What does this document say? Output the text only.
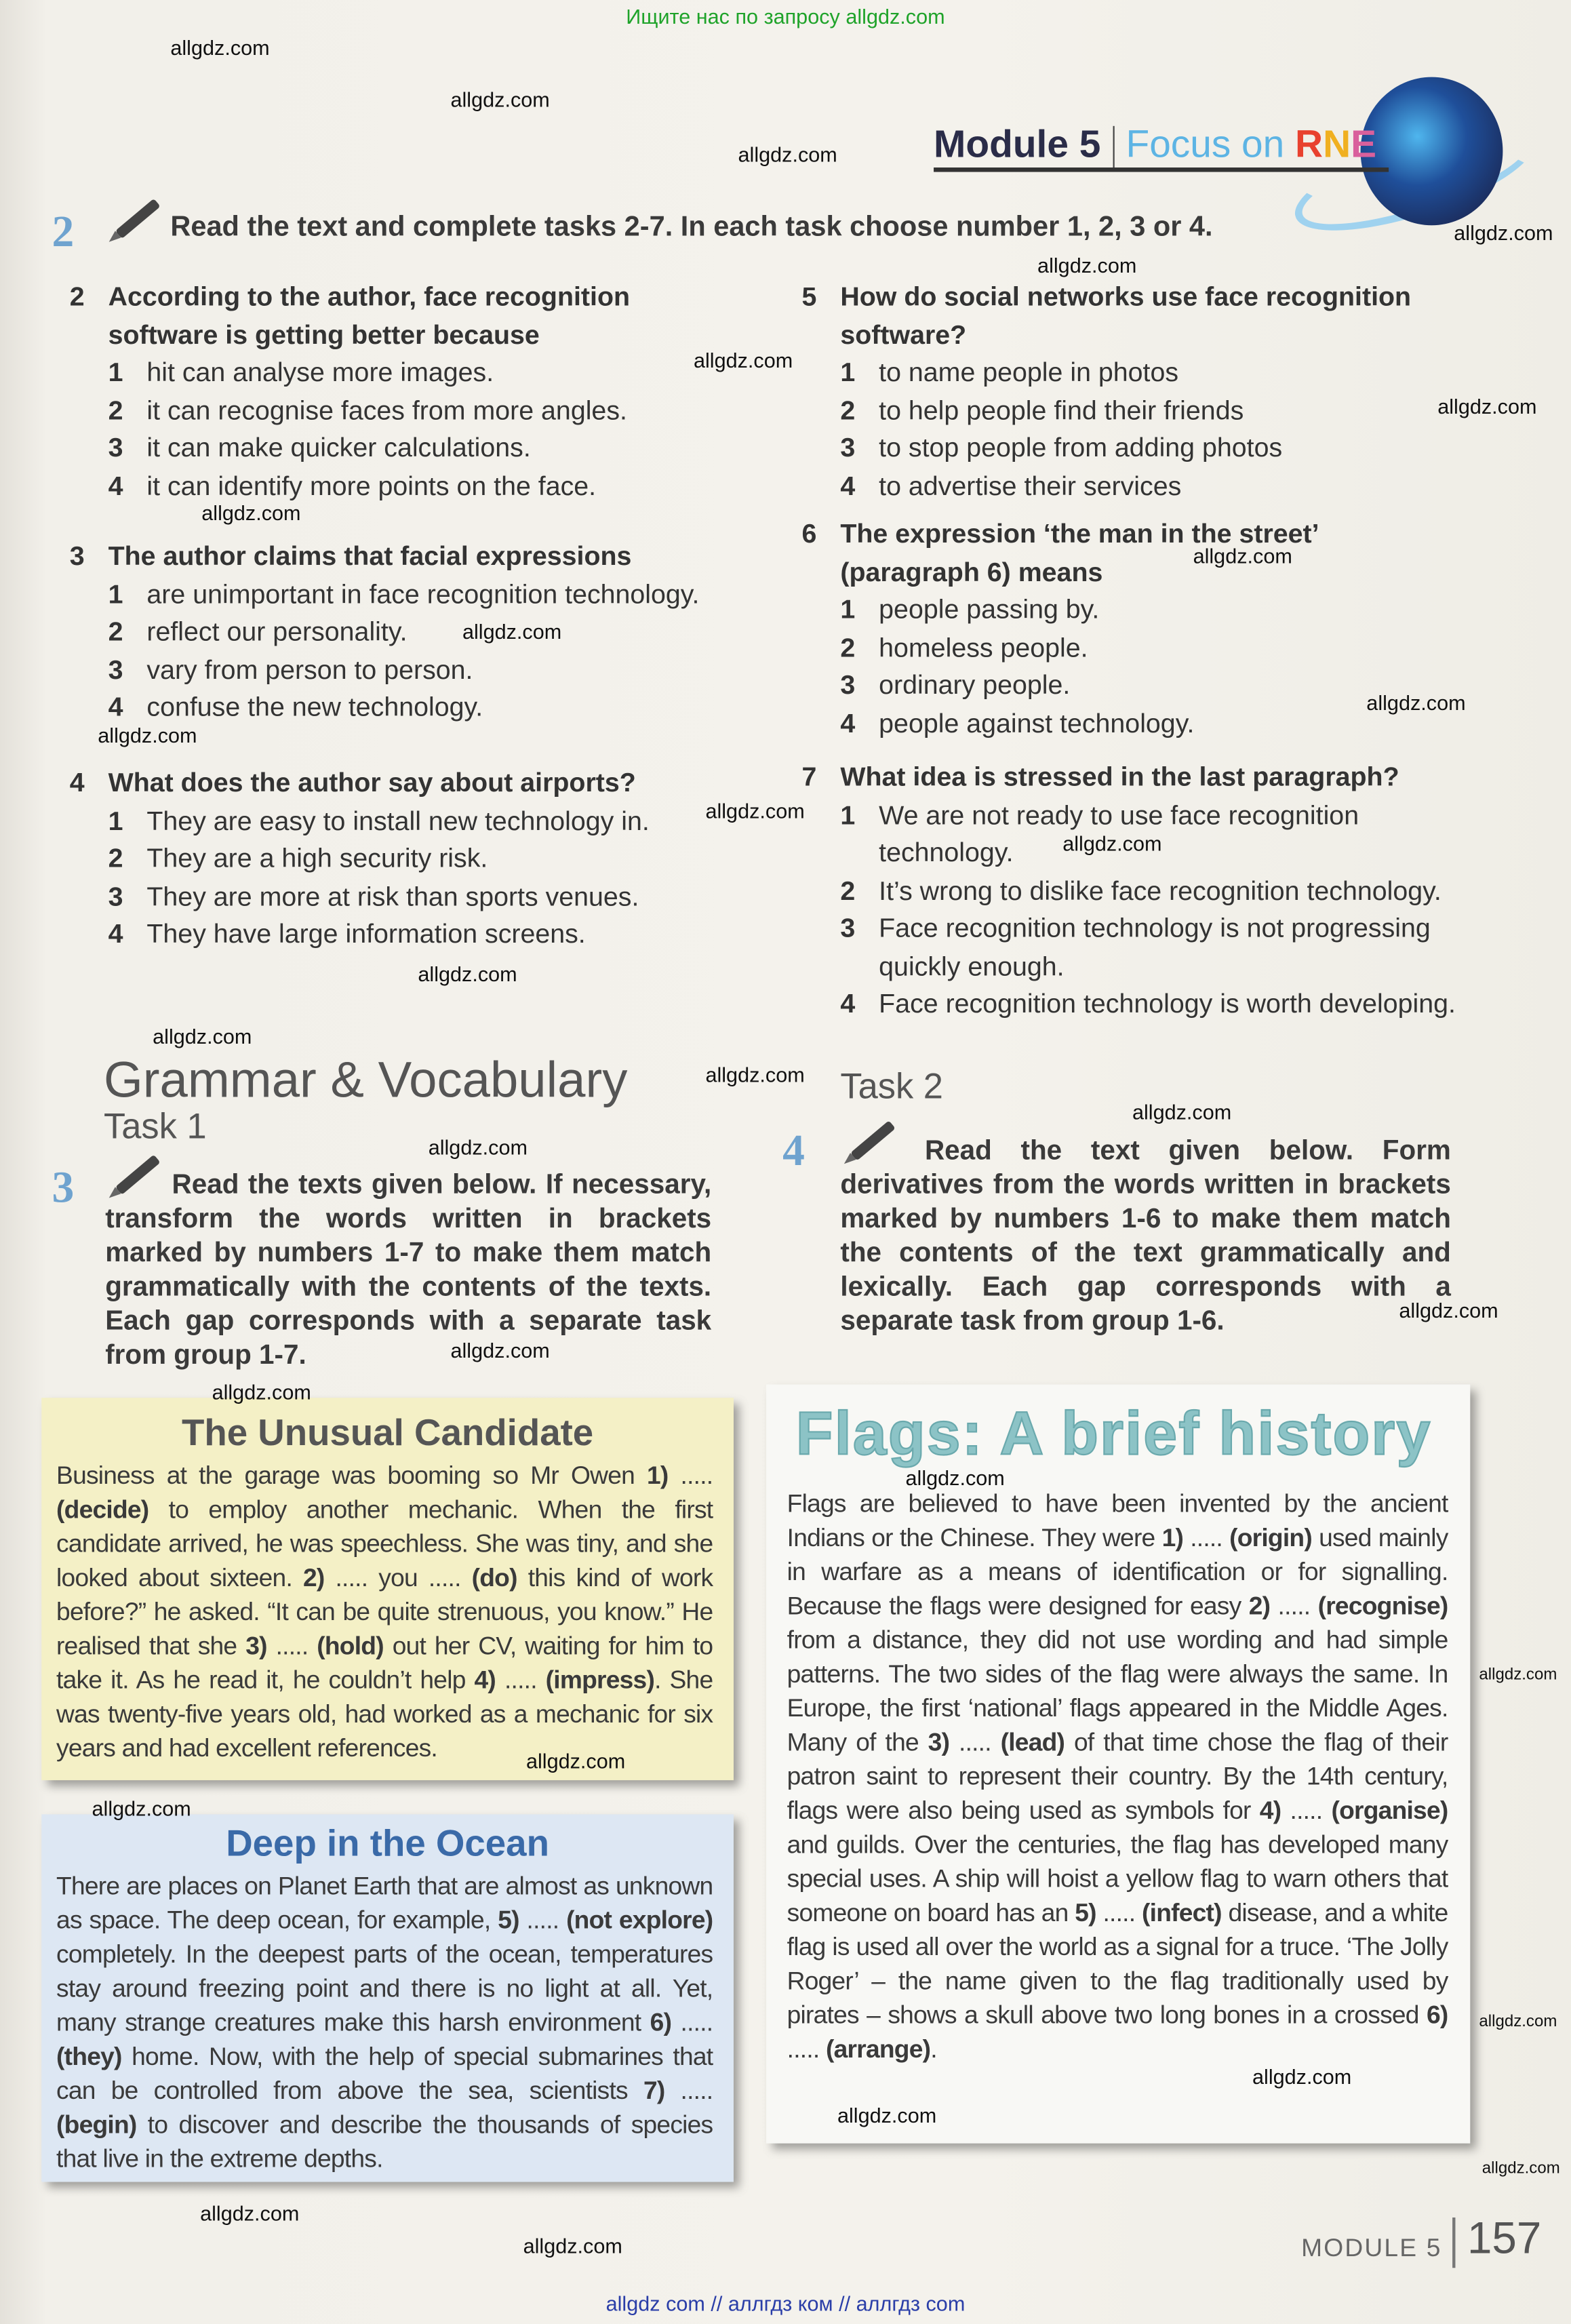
Ищите нас по запросу allgdz.com
Module 5 Focus on RNE
2	Read the text and complete tasks 2-7. In each task choose number 1, 2, 3 or 4.
2 According to the author, face recognition
software is getting better because
1 hit can analyse more images.
2 it can recognise faces from more angles.
3 it can make quicker calculations.
4 it can identify more points on the face.
3 The author claims that facial expressions
1 are unimportant in face recognition technology.
2 reflect our personality.
3 vary from person to person.
4 confuse the new technology.
4 What does the author say about airports?
1 They are easy to install new technology in.
2 They are a high security risk.
3 They are more at risk than sports venues.
4 They have large information screens.
5 How do social networks use face recognition
software?
1 to name people in photos
2 to help people find their friends
3 to stop people from adding photos
4 to advertise their services
6 The expression ‘the man in the street’
(paragraph 6) means
1 people passing by.
2 homeless people.
3 ordinary people.
4 people against technology.
7 What idea is stressed in the last paragraph?
1 We are not ready to use face recognition technology.
2 It’s wrong to dislike face recognition technology.
3 Face recognition technology is not progressing quickly enough.
4 Face recognition technology is worth developing.
Grammar & Vocabulary
Task 1
3	Read the texts given below. If necessary, transform the words written in brackets marked by numbers 1-7 to make them match grammatically with the contents of the texts. Each gap corresponds with a separate task from group 1-7.
Task 2
4	Read the text given below. Form derivatives from the words written in brackets marked by numbers 1-6 to make them match the contents of the text grammatically and lexically. Each gap corresponds with a separate task from group 1-6.
The Unusual Candidate

Business at the garage was booming so Mr Owen 1) ..... (decide) to employ another mechanic. When the first candidate arrived, he was speechless. She was tiny, and she looked about sixteen. 2) ..... you ..... (do) this kind of work before?” he asked. “It can be quite strenuous, you know.” He realised that she 3) ..... (hold) out her CV, waiting for him to take it. As he read it, he couldn’t help 4) ..... (impress). She was twenty-five years old, had worked as a mechanic for six years and had excellent references.

Deep in the Ocean

There are places on Planet Earth that are almost as unknown as space. The deep ocean, for example, 5) ..... (not explore) completely. In the deepest parts of the ocean, temperatures stay around freezing point and there is no light at all. Yet, many strange creatures make this harsh environment 6) ..... (they) home. Now, with the help of special submarines that can be controlled from above the sea, scientists 7) ..... (begin) to discover and describe the thousands of species that live in the extreme depths.

Flags: A brief history

Flags are believed to have been invented by the ancient Indians or the Chinese. They were 1) ..... (origin) used mainly in warfare as a means of identification or for signalling. Because the flags were designed for easy 2) ..... (recognise) from a distance, they did not use wording and had simple patterns. The two sides of the flag were always the same. In Europe, the first ‘national’ flags appeared in the Middle Ages. Many of the 3) ..... (lead) of that time chose the flag of their patron saint to represent their country. By the 14th century, flags were also being used as symbols for 4) ..... (organise) and guilds. Over the centuries, the flag has developed many special uses. A ship will hoist a yellow flag to warn others that someone on board has an 5) ..... (infect) disease, and a white flag is used all over the world as a signal for a truce. ‘The Jolly Roger’ – the name given to the flag traditionally used by pirates – shows a skull above two long bones in a crossed 6) ..... (arrange).

MODULE 5 157
allgdz com // аллгдз ком // аллгдз com
allgdz.com
allgdz.com
allgdz.com
allgdz.com
allgdz.com
allgdz.com
allgdz.com
allgdz.com
allgdz.com
allgdz.com
allgdz.com
allgdz.com
allgdz.com
allgdz.com
allgdz.com
allgdz.com
allgdz.com
allgdz.com
allgdz.com
allgdz.com
allgdz.com
allgdz.com
allgdz.com
allgdz.com
allgdz.com
allgdz.com
allgdz.com
allgdz.com
allgdz.com
allgdz.com
allgdz.com
allgdz.com
